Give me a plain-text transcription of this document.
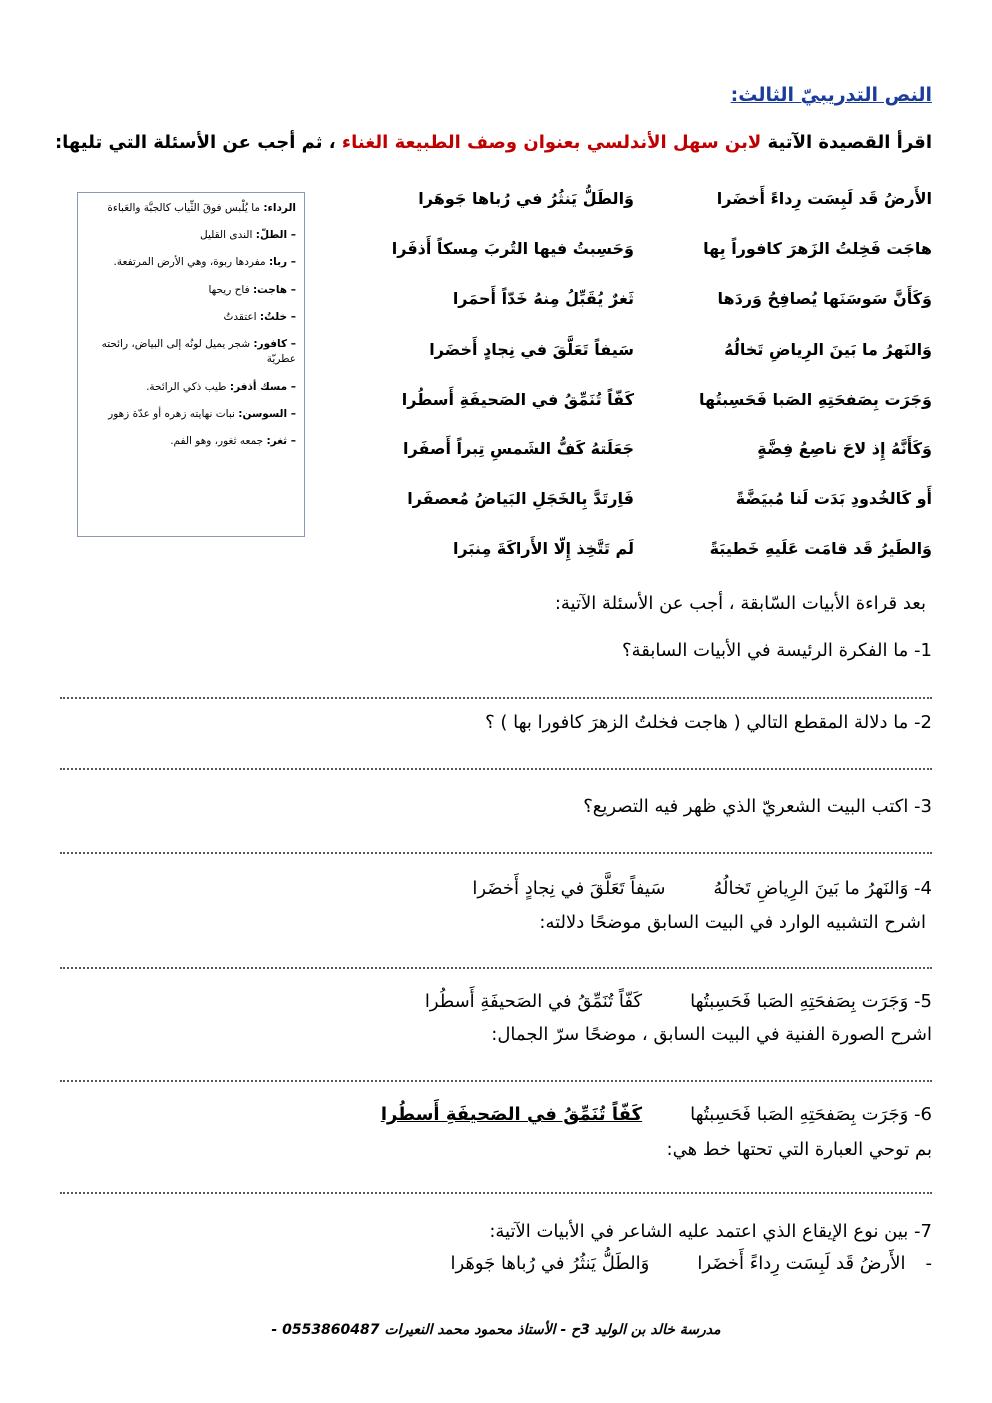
النص التدريبيّ الثالث:
اقرأ القصيدة الآتية لابن سهل الأندلسي بعنوان وصف الطبيعة الغناء ، ثم أجب عن الأسئلة التي تليها:
الأَرضُ قَد لَبِسَت رِداءً أَخضَرا
وَالطَلُّ يَنثُرُ في رُباها جَوهَرا
هاجَت فَخِلتُ الزَهرَ كافوراً بِها
وَحَسِبتُ فيها التُربَ مِسكاً أَذفَرا
وَكَأَنَّ سَوسَنَها يُصافِحُ وَردَها
ثَغرٌ يُقَبِّلُ مِنهُ خَدّاً أَحمَرا
وَالنَهرُ ما بَينَ الرِياضِ تَخالُهُ
سَيفاً تَعَلَّقَ في نِجادٍ أَخضَرا
وَجَرَت بِصَفحَتِهِ الصَبا فَحَسِبتُها
كَفّاً تُنَمِّقُ في الصَحيفَةِ أَسطُرا
وَكَأَنَّهُ إِذ لاحَ ناصِعُ فِضَّةٍ
جَعَلَتهُ كَفُّ الشَمسِ تِبراً أَصفَرا
أَو كَالخُدودِ بَدَت لَنا مُبيَضَّةً
فَاِرتَدَّ بِالخَجَلِ البَياضُ مُعصفَرا
وَالطَيرُ قَد قامَت عَلَيهِ خَطيبَةً
لَم تَتَّخِذ إِلّا الأَراكَةَ مِنبَرا

الرداء: ما يُلْبس فوقَ الثِّياب كالجبَّة والعَباءة

– الطلّ: الندى القليل

– ربا: مفردها ربوة، وهي الأرض المرتفعة.

– هاجت: فاح ريحها

– خلتُ: اعتقدتُ

– كافور: شجر يميل لونُه إلى البياض، رائحته عطريّة

– مسك أذفر: طيب ذكي الرائحة.

– السوسن: نبات نهايته زهره أو عدّة زهور

– ثغر: جمعه ثغور، وهو الفم.

بعد قراءة الأبيات السّابقة ، أجب عن الأسئلة الآتية:
1- ما الفكرة الرئيسة في الأبيات السابقة؟
2- ما دلالة المقطع التالي ( هاجت فخلتُ الزهرَ كافورا بها ) ؟
3- اكتب البيت الشعريّ الذي ظهر فيه التصريع؟
4- وَالنَهرُ ما بَينَ الرِياضِ تَخالُهُسَيفاً تَعَلَّقَ في نِجادٍ أَخضَرا
اشرح التشبيه الوارد في البيت السابق موضحًا دلالته:
5- وَجَرَت بِصَفحَتِهِ الصَبا فَحَسِبتُهاكَفّاً تُنَمِّقُ في الصَحيفَةِ أَسطُرا
اشرح الصورة الفنية في البيت السابق ، موضحًا سرّ الجمال:
6- وَجَرَت بِصَفحَتِهِ الصَبا فَحَسِبتُهاكَفّاً تُنَمِّقُ في الصَحيفَةِ أَسطُرا
بم توحي العبارة التي تحتها خط هي:
7- بين نوع الإيقاع الذي اعتمد عليه الشاعر في الأبيات الآتية:
-الأَرضُ قَد لَبِسَت رِداءً أَخضَراوَالطَلُّ يَنثُرُ في رُباها جَوهَرا
مدرسة خالد بن الوليد 3ح - الأستاذ محمود محمد النعيرات 0553860487 -
